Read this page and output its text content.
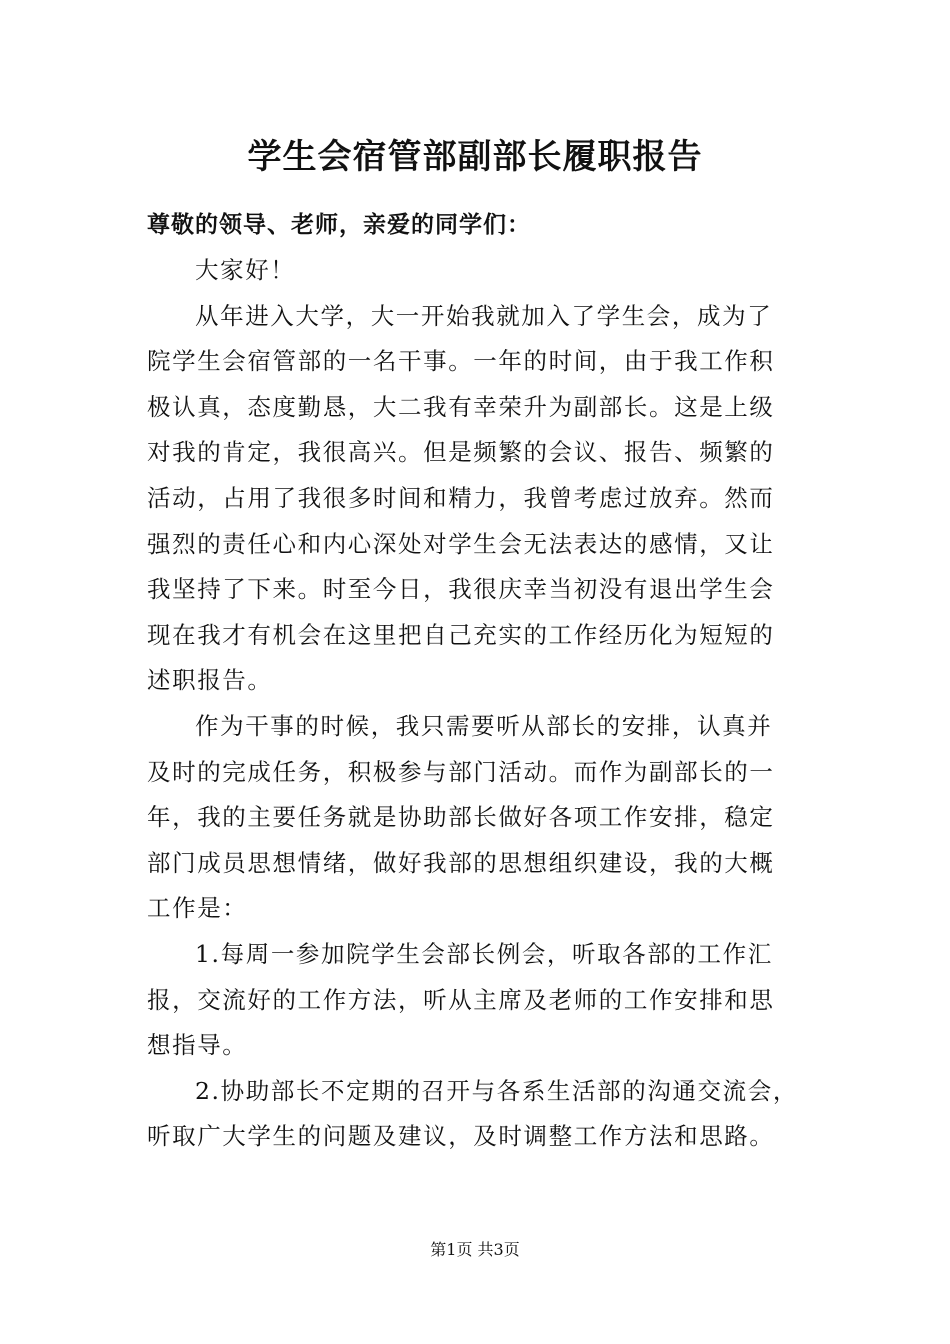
学生会宿管部副部长履职报告
尊敬的领导、老师，亲爱的同学们：
大家好！
从年进入大学，大一开始我就加入了学生会，成为了
院学生会宿管部的一名干事。一年的时间，由于我工作积
极认真，态度勤恳，大二我有幸荣升为副部长。这是上级
对我的肯定，我很高兴。但是频繁的会议、报告、频繁的
活动，占用了我很多时间和精力，我曾考虑过放弃。然而
强烈的责任心和内心深处对学生会无法表达的感情，又让
我坚持了下来。时至今日，我很庆幸当初没有退出学生会
现在我才有机会在这里把自己充实的工作经历化为短短的
述职报告。
作为干事的时候，我只需要听从部长的安排，认真并
及时的完成任务，积极参与部门活动。而作为副部长的一
年，我的主要任务就是协助部长做好各项工作安排，稳定
部门成员思想情绪，做好我部的思想组织建设，我的大概
工作是：
1.每周一参加院学生会部长例会，听取各部的工作汇
报，交流好的工作方法，听从主席及老师的工作安排和思
想指导。
2.协助部长不定期的召开与各系生活部的沟通交流会，
听取广大学生的问题及建议，及时调整工作方法和思路。
第1页 共3页
